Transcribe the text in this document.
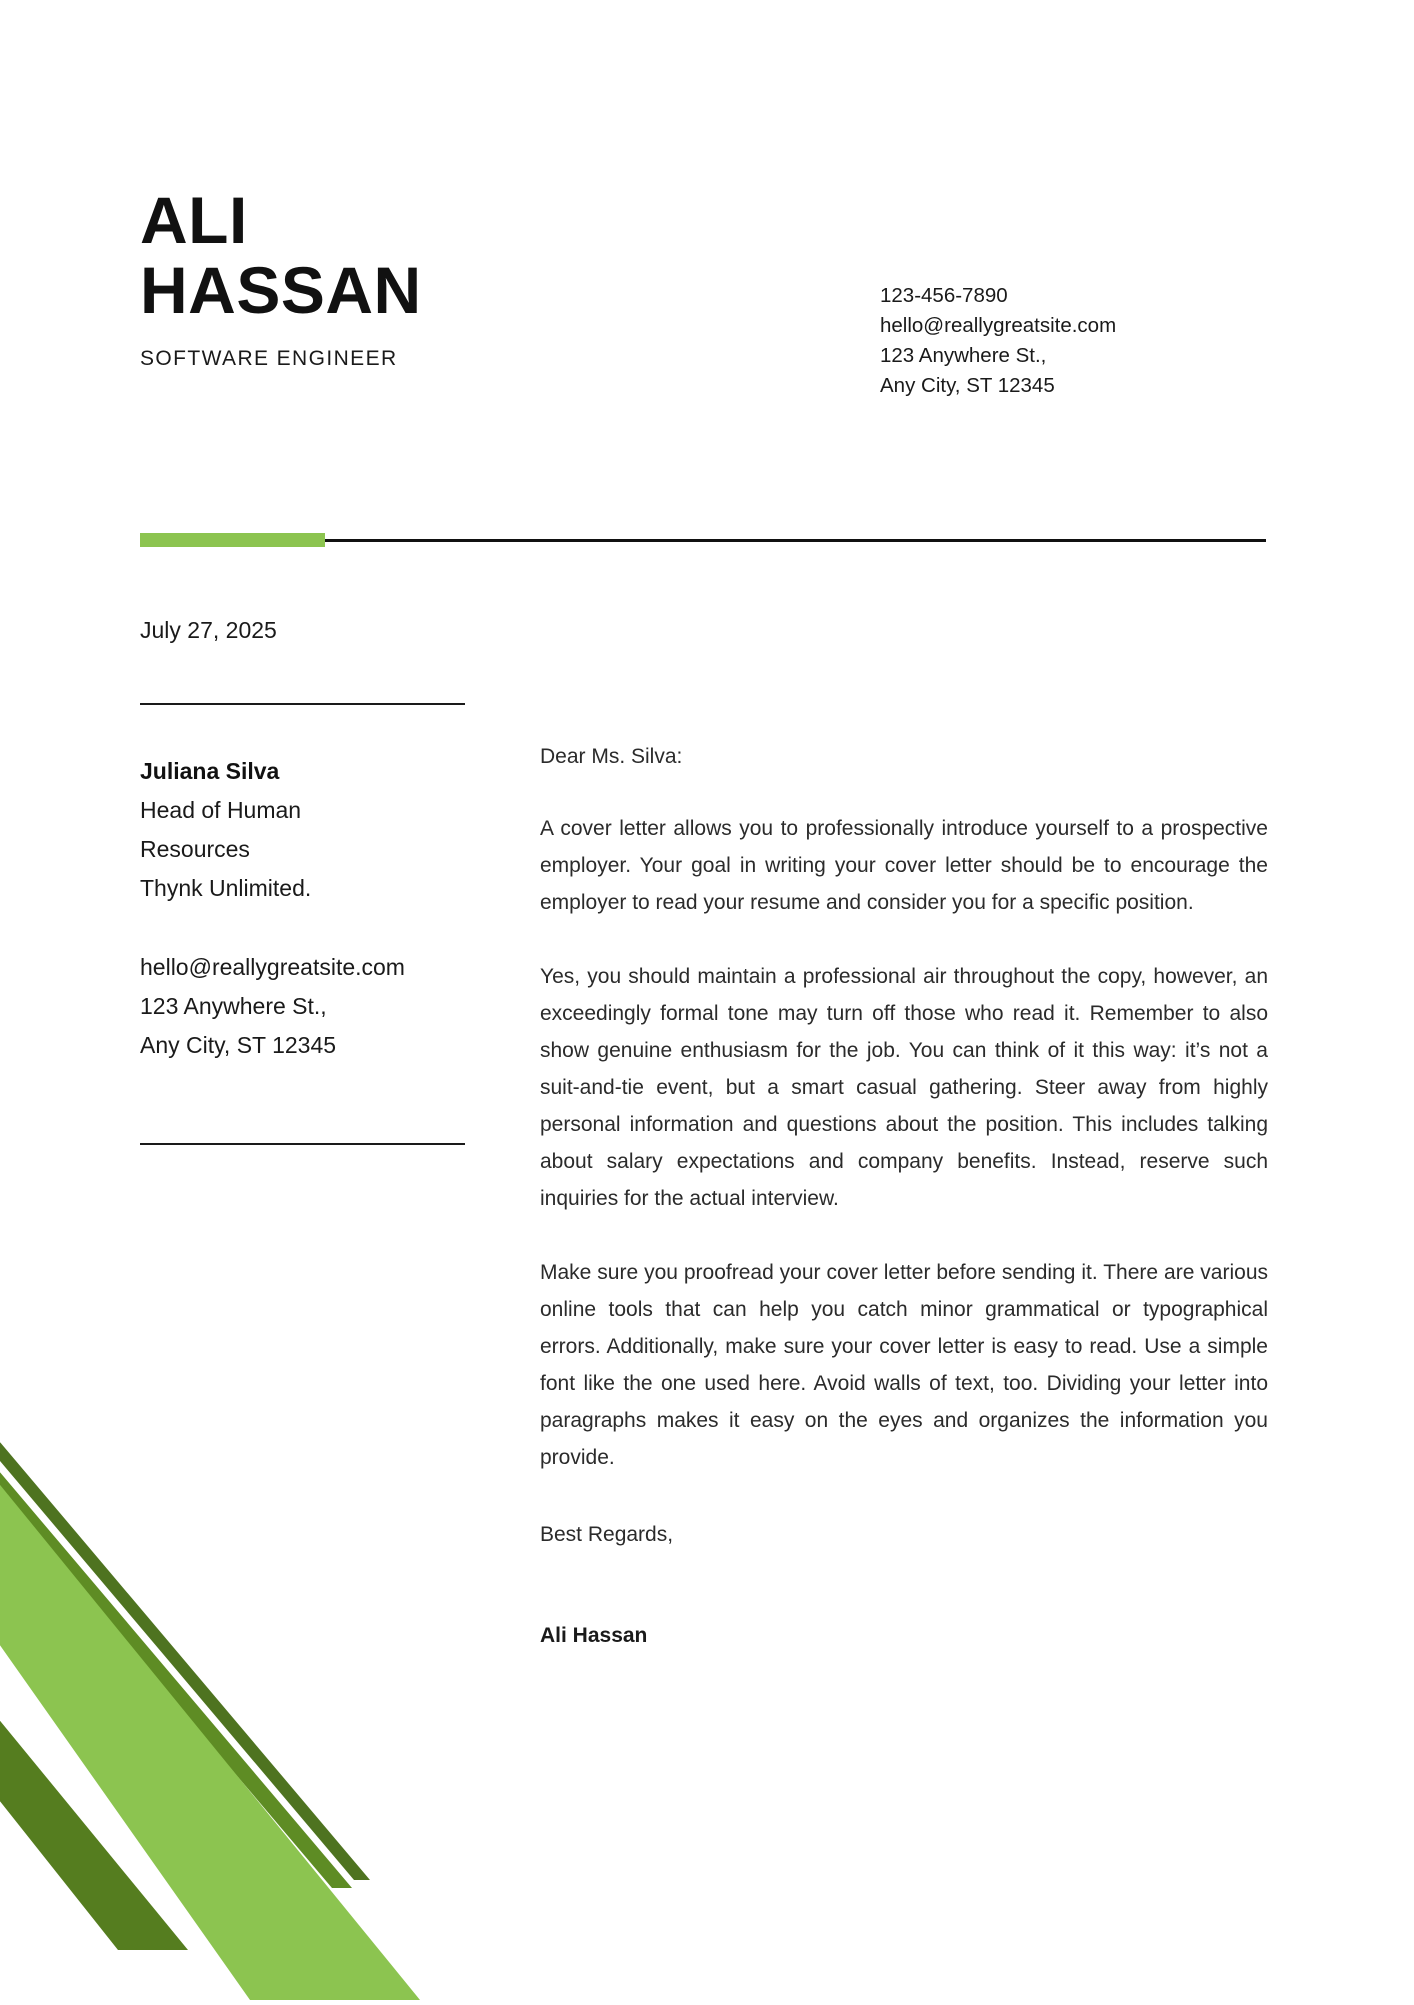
ALI
HASSAN
SOFTWARE ENGINEER
123-456-7890
hello@reallygreatsite.com
123 Anywhere St.,
Any City, ST 12345
July 27, 2025
Juliana Silva
Head of Human
Resources
Thynk Unlimited.
hello@reallygreatsite.com
123 Anywhere St.,
Any City, ST 12345
Dear Ms. Silva:

A cover letter allows you to professionally introduce yourself to a prospective employer. Your goal in writing your cover letter should be to encourage the employer to read your resume and consider you for a specific position.

Yes, you should maintain a professional air throughout the copy, however, an exceedingly formal tone may turn off those who read it. Remember to also show genuine enthusiasm for the job. You can think of it this way: it’s not a suit-and-tie event, but a smart casual gathering. Steer away from highly personal information and questions about the position. This includes talking about salary expectations and company benefits. Instead, reserve such inquiries for the actual interview.

Make sure you proofread your cover letter before sending it. There are various online tools that can help you catch minor grammatical or typographical errors. Additionally, make sure your cover letter is easy to read. Use a simple font like the one used here. Avoid walls of text, too. Dividing your letter into paragraphs makes it easy on the eyes and organizes the information you provide.

Best Regards,
Ali Hassan
